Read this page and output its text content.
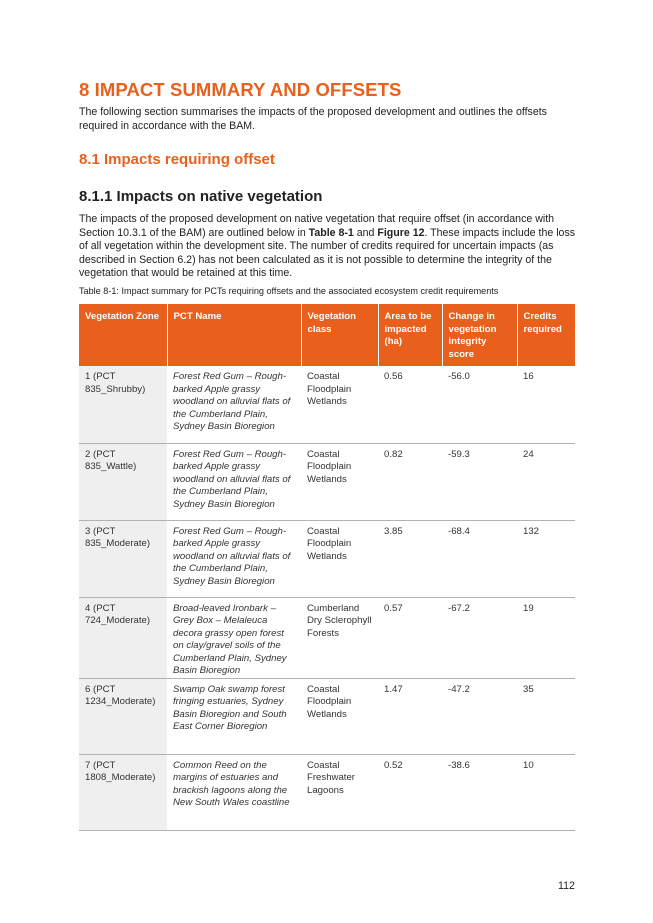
8 IMPACT SUMMARY AND OFFSETS

The following section summarises the impacts of the proposed development and outlines the offsets required in accordance with the BAM.

8.1 Impacts requiring offset
8.1.1 Impacts on native vegetation

The impacts of the proposed development on native vegetation that require offset (in accordance with Section 10.3.1 of the BAM) are outlined below in Table 8-1 and Figure 12. These impacts include the loss of all vegetation within the development site. The number of credits required for uncertain impacts (as described in Section 6.2) has not been calculated as it is not possible to determine the integrity of the vegetation that would be retained at this time.

Table 8-1: Impact summary for PCTs requiring offsets and the associated ecosystem credit requirements

Vegetation Zone	PCT Name	Vegetation class	Area to be impacted (ha)	Change in vegetation integrity score	Credits required
1 (PCT 835_Shrubby)	Forest Red Gum – Rough-barked Apple grassy woodland on alluvial flats of the Cumberland Plain, Sydney Basin Bioregion	Coastal Floodplain Wetlands	0.56	-56.0	16
2 (PCT 835_Wattle)	Forest Red Gum – Rough-barked Apple grassy woodland on alluvial flats of the Cumberland Plain, Sydney Basin Bioregion	Coastal Floodplain Wetlands	0.82	-59.3	24
3 (PCT 835_Moderate)	Forest Red Gum – Rough-barked Apple grassy woodland on alluvial flats of the Cumberland Plain, Sydney Basin Bioregion	Coastal Floodplain Wetlands	3.85	-68.4	132
4 (PCT 724_Moderate)	Broad-leaved Ironbark – Grey Box – Melaleuca decora grassy open forest on clay/gravel soils of the Cumberland Plain, Sydney Basin Bioregion	Cumberland Dry Sclerophyll Forests	0.57	-67.2	19
6 (PCT 1234_Moderate)	Swamp Oak swamp forest fringing estuaries, Sydney Basin Bioregion and South East Corner Bioregion	Coastal Floodplain Wetlands	1.47	-47.2	35
7 (PCT 1808_Moderate)	Common Reed on the margins of estuaries and brackish lagoons along the New South Wales coastline	Coastal Freshwater Lagoons	0.52	-38.6	10
112
